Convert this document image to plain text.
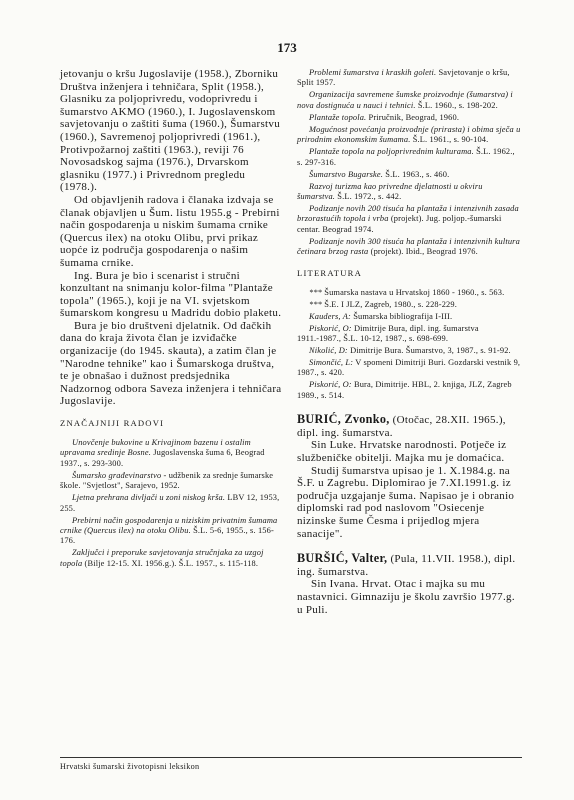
173

jetovanju o kršu Jugoslavije (1958.), Zborniku Društva inženjera i tehničara, Split (1958.), Glasniku za poljoprivredu, vodoprivredu i šumarstvo AKMO (1960.), I. Jugoslavenskom savjetovanju o zaštiti šuma (1960.), Šumarstvu (1960.), Savremenoj poljoprivredi (1961.), Protivpožarnoj zaštiti (1963.), reviji 76 Novosadskog sajma (1976.), Drvarskom glasniku (1977.) i Privrednom pregledu (1978.).

Od objavljenih radova i članaka izdvaja se članak objavljen u Šum. listu 1955.g - Prebirni način gospodarenja u niskim šumama crnike (Quercus ilex) na otoku Olibu, prvi prikaz uopće iz područja gospodarenja o našim šumama crnike.

Ing. Bura je bio i scenarist i stručni konzultant na snimanju kolor-filma "Plantaže topola" (1965.), koji je na VI. svjetskom šumarskom kongresu u Madridu dobio plaketu.

Bura je bio društveni djelatnik. Od đačkih dana do kraja života član je izviđačke organizacije (do 1945. skauta), a zatim član je "Narodne tehnike" kao i Šumarskoga društva, te je obnašao i dužnost predsjednika Nadzornog odbora Saveza inženjera i tehničara Jugoslavije.

ZNAČAJNIJI RADOVI

Unovčenje bukovine u Krivajinom bazenu i ostalim upravama sredinje Bosne. Jugoslavenska šuma 6, Beograd 1937., s. 293-300.

Šumarsko građevinarstvo - udžbenik za srednje šumarske škole. "Svjetlost", Sarajevo, 1952.

Ljetna prehrana divljači u zoni niskog krša. LBV 12, 1953, 255.

Prebirni način gospodarenja u niziskim privatnim šumama crnike (Quercus ilex) na otoku Olibu. Š.L. 5-6, 1955., s. 156-176.

Zaključci i preporuke savjetovanja stručnjaka za uzgoj topola (Bilje 12-15. XI. 1956.g.). Š.L. 1957., s. 115-118.

Problemi šumarstva i kraskih goleti. Savjetovanje o kršu, Split 1957.

Organizacija savremene šumske proizvodnje (šumarstva) i nova dostignuća u nauci i tehnici. Š.L. 1960., s. 198-202.

Plantaže topola. Priručnik, Beograd, 1960.

Mogućnost povećanja proizvodnje (prirasta) i obima sječa u prirodnim ekonomskim šumama. Š.L. 1961., s. 90-104.

Plantaže topola na poljoprivrednim kulturama. Š.L. 1962., s. 297-316.

Šumarstvo Bugarske. Š.L. 1963., s. 460.

Razvoj turizma kao privredne djelatnosti u okviru šumarstva. Š.L. 1972., s. 442.

Podizanje novih 200 tisuća ha plantaža i intenzivnih zasada brzorastućih topola i vrba (projekt). Jug. poljop.-šumarski centar. Beograd 1974.

Podizanje novih 300 tisuća ha plantaža i intenzivnih kultura četinara brzog rasta (projekt). Ibid., Beograd 1976.

LITERATURA

*** Šumarska nastava u Hrvatskoj 1860 - 1960., s. 563.

*** Š.E. I JLZ, Zagreb, 1980., s. 228-229.

Kauders, A: Šumarska bibliografija I-III.

Piskorić, O: Dimitrije Bura, dipl. ing. šumarstva 1911.-1987., Š.L. 10-12, 1987., s. 698-699.

Nikolić, D: Dimitrije Bura. Šumarstvo, 3, 1987., s. 91-92.

Simončić, L: V spomeni Dimitriji Buri. Gozdarski vestnik 9, 1987., s. 420.

Piskorić, O: Bura, Dimitrije. HBL, 2. knjiga, JLZ, Zagreb 1989., s. 514.

BURIĆ, Zvonko, (Otočac, 28.XII. 1965.), dipl. ing. šumarstva.

Sin Luke. Hrvatske narodnosti. Potječe iz službeničke obitelji. Majka mu je domaćica.

Studij šumarstva upisao je 1. X.1984.g. na Š.F. u Zagrebu. Diplomirao je 7.XI.1991.g. iz područja uzgajanje šuma. Napisao je i obranio diplomski rad pod naslovom "Osiecenje nizinske šume Česma i prijedlog mjera sanacije".

BURŠIĆ, Valter, (Pula, 11.VII. 1958.), dipl. ing. šumarstva.

Sin Ivana. Hrvat. Otac i majka su mu nastavnici. Gimnaziju je školu završio 1977.g. u Puli.

Hrvatski šumarski životopisni leksikon
